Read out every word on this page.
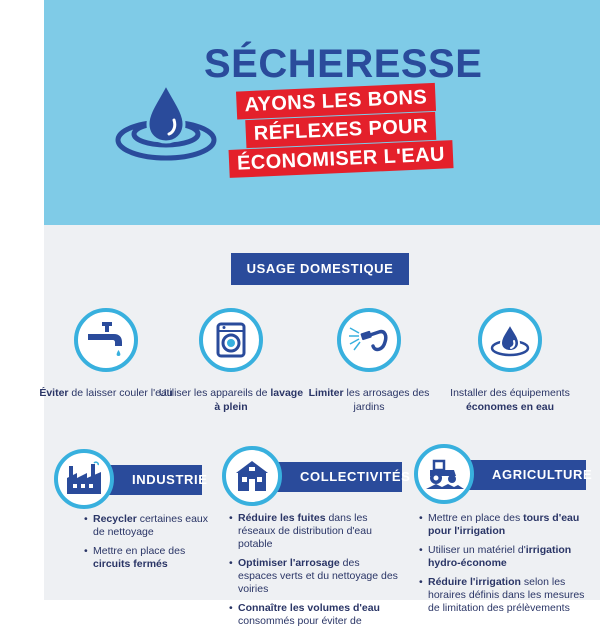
SÉCHERESSE
AYONS LES BONS
RÉFLEXES POUR
ÉCONOMISER L'EAU
USAGE DOMESTIQUE
Éviter de laisser couler l'eau
Utiliser les appareils de lavage à plein
Limiter les arrosages des jardins
Installer des équipements économes en eau
INDUSTRIE
• Recycler certaines eaux de nettoyage
• Mettre en place des circuits fermés
COLLECTIVITÉS
• Réduire les fuites dans les réseaux de distribution d'eau potable
• Optimiser l'arrosage des espaces verts et du nettoyage des voiries
• Connaître les volumes d'eau consommés pour éviter de
AGRICULTURE
• Mettre en place des tours d'eau pour l'irrigation
• Utiliser un matériel d'irrigation hydro-économe
• Réduire l'irrigation selon les horaires définis dans les mesures de limitation des prélèvements
